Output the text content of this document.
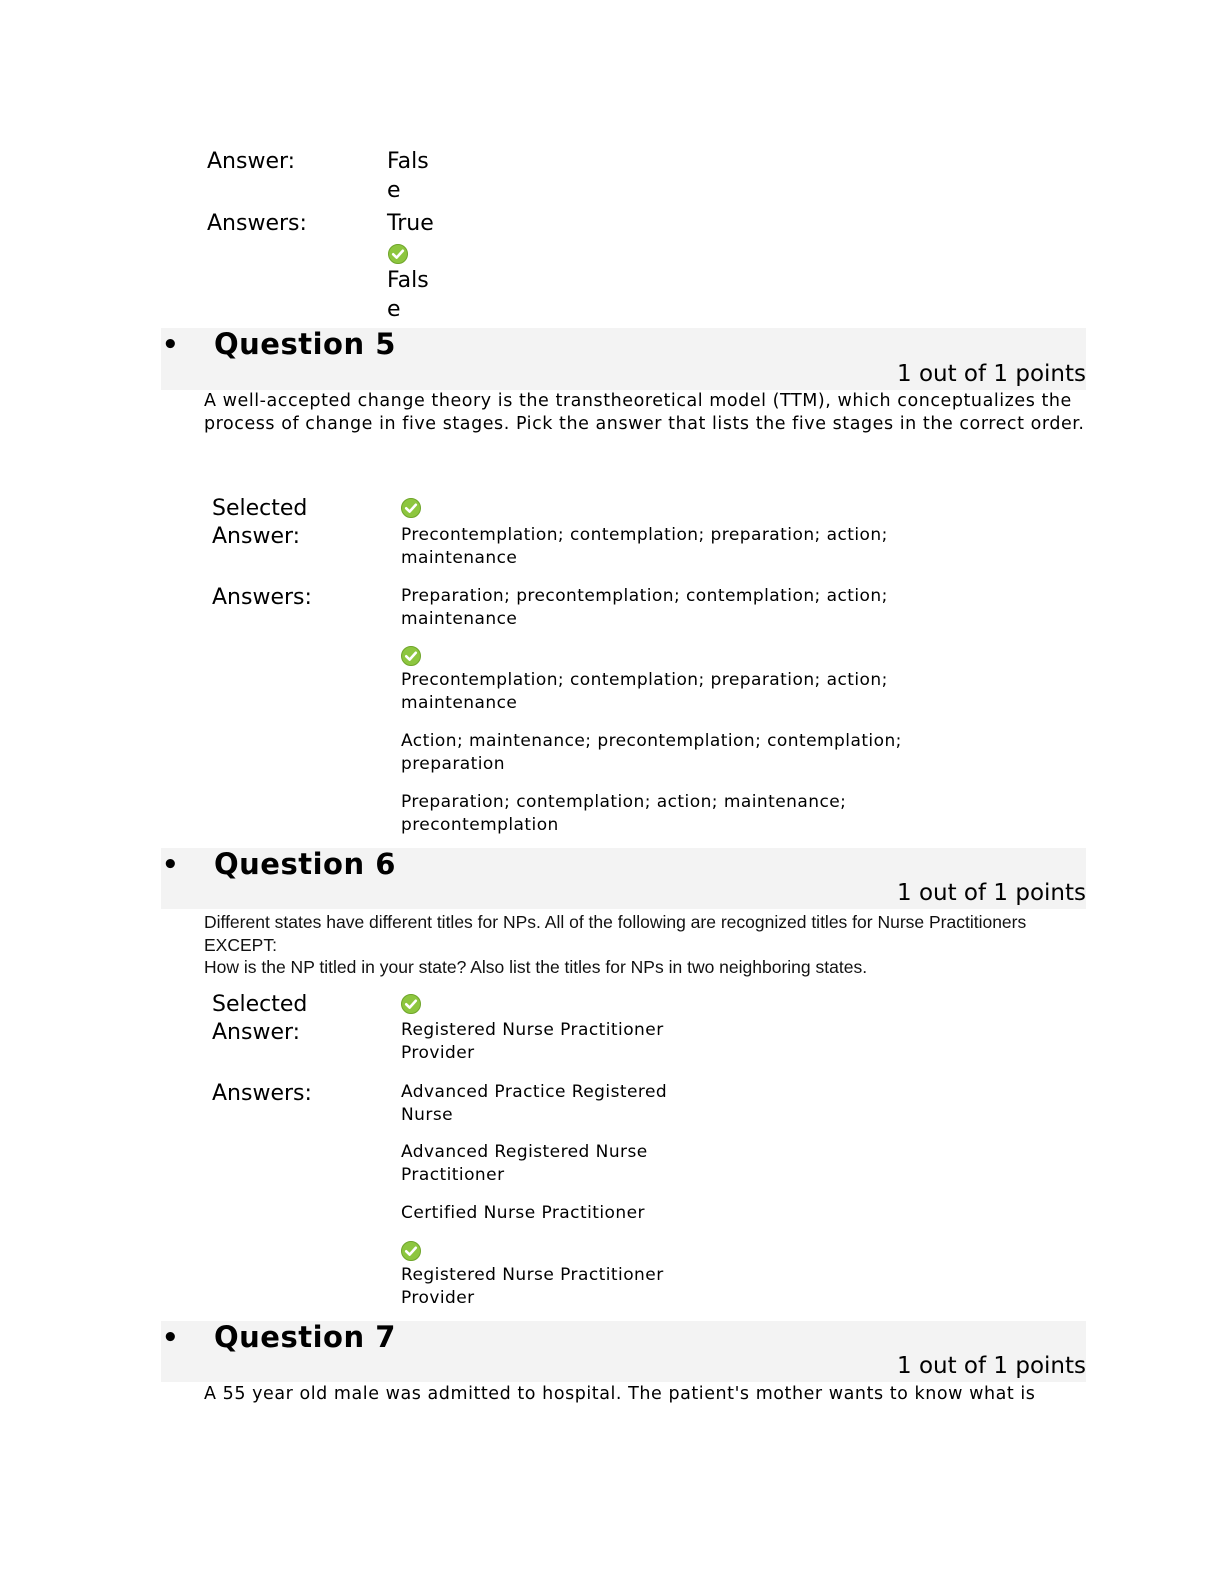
Answer:	Fals
e
Answers:	True
Fals
e
• Question 5
1 out of 1 points
A well-accepted change theory is the transtheoretical model (TTM), which conceptualizes the process of change in five stages. Pick the answer that lists the five stages in the correct order.
Selected
Answer:	Precontemplation; contemplation; preparation; action; maintenance
Answers:	Preparation; precontemplation; contemplation; action; maintenance
Precontemplation; contemplation; preparation; action; maintenance
Action; maintenance; precontemplation; contemplation; preparation
Preparation; contemplation; action; maintenance; precontemplation
• Question 6
1 out of 1 points
Different states have different titles for NPs. All of the following are recognized titles for Nurse Practitioners EXCEPT:
How is the NP titled in your state? Also list the titles for NPs in two neighboring states.
Selected
Answer:	Registered Nurse Practitioner Provider
Answers:	Advanced Practice Registered Nurse
Advanced Registered Nurse Practitioner
Certified Nurse Practitioner
Registered Nurse Practitioner Provider
• Question 7
1 out of 1 points
A 55 year old male was admitted to hospital. The patient's mother wants to know what is
